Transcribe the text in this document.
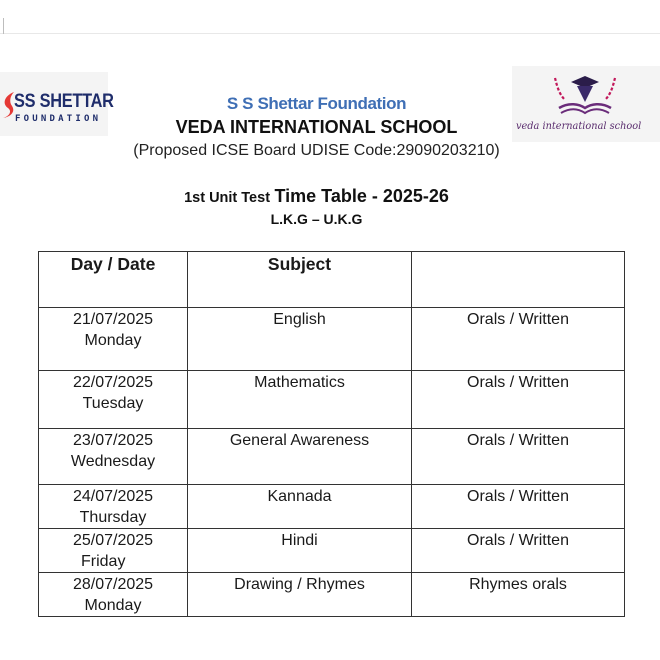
SS SHETTAR
FOUNDATION
S S Shettar Foundation
VEDA INTERNATIONAL SCHOOL
(Proposed ICSE Board UDISE Code:29090203210)
veda international school
1st Unit Test Time Table - 2025-26
L.K.G – U.K.G
Day / Date	Subject	

21/07/2025
Monday	English	Orals / Written

22/07/2025
Tuesday	Mathematics	Orals / Written

23/07/2025
Wednesday	General Awareness	Orals / Written

24/07/2025
Thursday	Kannada	Orals / Written

25/07/2025
Friday	Hindi	Orals / Written

28/07/2025
Monday	Drawing / Rhymes	Rhymes orals
